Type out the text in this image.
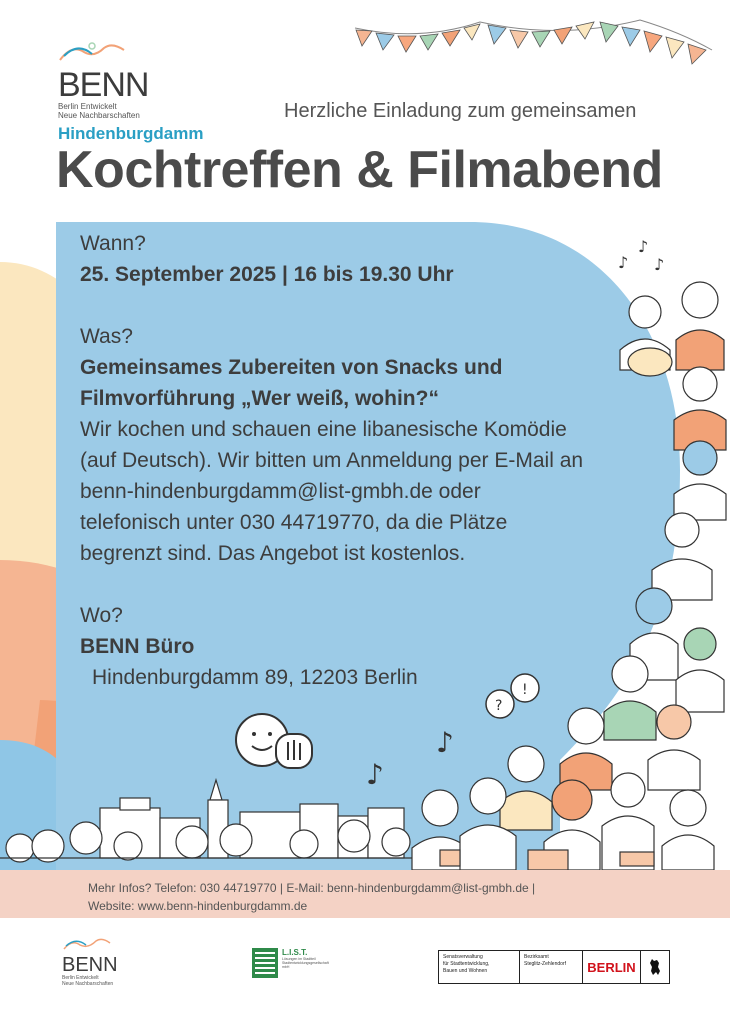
?
!
♪
♪
♪
♪
♪
BENN
Berlin Entwickelt
Neue Nachbarschaften
Hindenburgdamm
Herzliche Einladung zum gemeinsamen
Kochtreffen & Filmabend
Wann?
25. September 2025 | 16 bis 19.30 Uhr
Was?
Gemeinsames Zubereiten von Snacks und
Filmvorführung „Wer weiß, wohin?“
Wir kochen und schauen eine libanesische Komödie
(auf Deutsch). Wir bitten um Anmeldung per E-Mail an
benn-hindenburgdamm@list-gmbh.de oder
telefonisch unter 030 44719770, da die Plätze
begrenzt sind. Das Angebot ist kostenlos.
Wo?
BENN Büro
Hindenburgdamm 89, 12203 Berlin
Mehr Infos? Telefon: 030 44719770 | E-Mail: benn-hindenburgdamm@list-gmbh.de |
Website: www.benn-hindenburgdamm.de
BENN
Berlin Entwickelt
Neue Nachbarschaften
L.I.S.T.
Lösungen im Stadtteil Stadtentwicklungsgesellschaft mbH
Senatsverwaltung
für Stadtentwicklung,
Bauen und Wohnen
Bezirksamt
Steglitz-Zehlendorf	BERLIN
